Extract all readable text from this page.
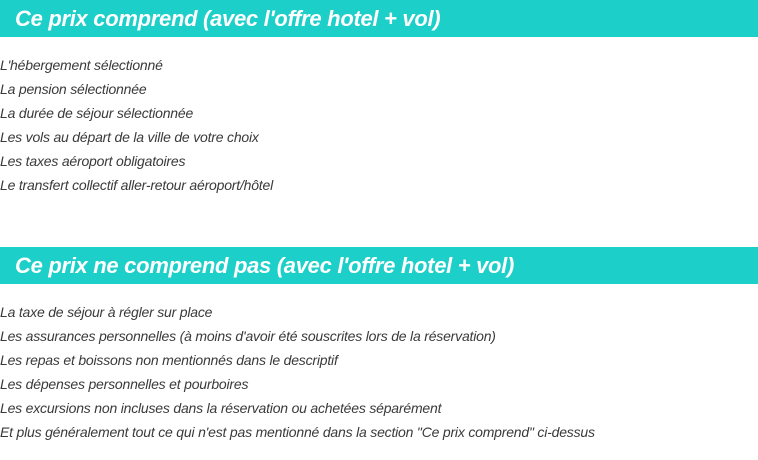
Ce prix comprend (avec l'offre hotel + vol)
L'hébergement sélectionné
La pension sélectionnée
La durée de séjour sélectionnée
Les vols au départ de la ville de votre choix
Les taxes aéroport obligatoires
Le transfert collectif aller-retour aéroport/hôtel
Ce prix ne comprend pas (avec l'offre hotel + vol)
La taxe de séjour à régler sur place
Les assurances personnelles (à moins d'avoir été souscrites lors de la réservation)
Les repas et boissons non mentionnés dans le descriptif
Les dépenses personnelles et pourboires
Les excursions non incluses dans la réservation ou achetées séparément
Et plus généralement tout ce qui n'est pas mentionné dans la section "Ce prix comprend" ci-dessus
